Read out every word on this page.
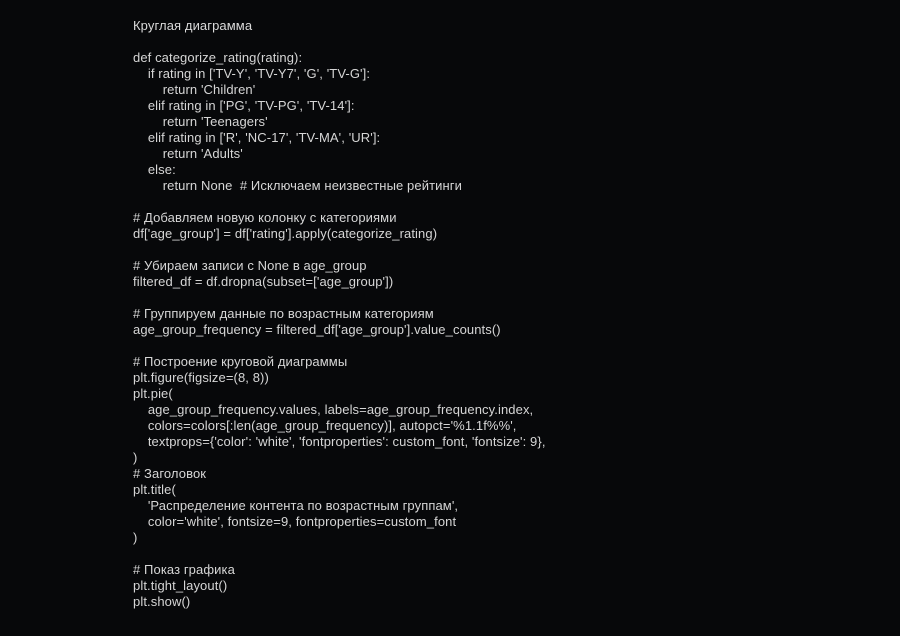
Круглая диаграмма
def categorize_rating(rating):
if rating in ['TV-Y', 'TV-Y7', 'G', 'TV-G']:
return 'Children'
elif rating in ['PG', 'TV-PG', 'TV-14']:
return 'Teenagers'
elif rating in ['R', 'NC-17', 'TV-MA', 'UR']:
return 'Adults'
else:
return None  # Исключаем неизвестные рейтинги
# Добавляем новую колонку с категориями
df['age_group'] = df['rating'].apply(categorize_rating)
# Убираем записи с None в age_group
filtered_df = df.dropna(subset=['age_group'])
# Группируем данные по возрастным категориям
age_group_frequency = filtered_df['age_group'].value_counts()
# Построение круговой диаграммы
plt.figure(figsize=(8, 8))
plt.pie(
age_group_frequency.values, labels=age_group_frequency.index,
colors=colors[:len(age_group_frequency)], autopct='%1.1f%%',
textprops={'color': 'white', 'fontproperties': custom_font, 'fontsize': 9},
)
# Заголовок
plt.title(
'Распределение контента по возрастным группам',
color='white', fontsize=9, fontproperties=custom_font
)
# Показ графика
plt.tight_layout()
plt.show()
